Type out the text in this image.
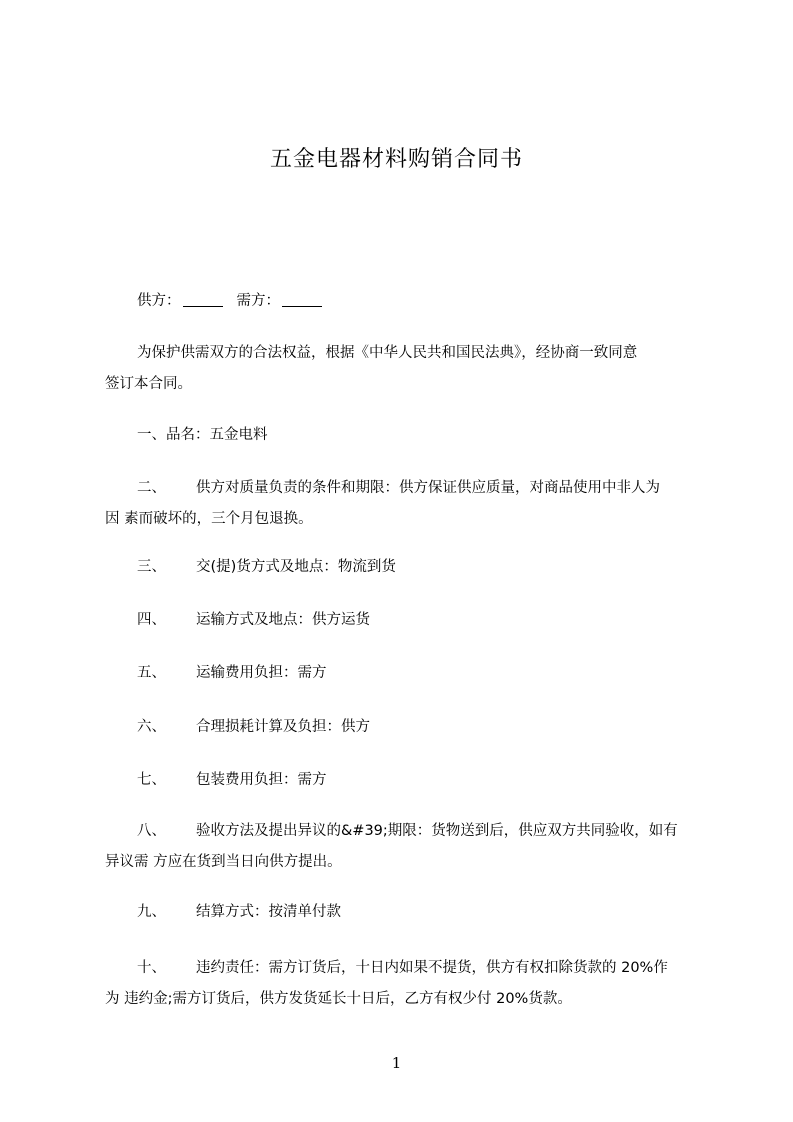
五金电器材料购销合同书
供方：	需方：

为保护供需双方的合法权益，根据《中华人民共和国民法典》，经协商一致同意

签订本合同。

一、品名：五金电料

二、 供方对质量负责的条件和期限：供方保证供应质量，对商品使用中非人为

因 素而破坏的，三个月包退换。

三、 交(提)货方式及地点：物流到货
四、 运输方式及地点：供方运货
五、 运输费用负担：需方
六、 合理损耗计算及负担：供方
七、 包装费用负担：需方

八、 验收方法及提出异议的&#39;期限：货物送到后，供应双方共同验收，如有

异议需 方应在货到当日向供方提出。

九、 结算方式：按清单付款

十、 违约责任：需方订货后，十日内如果不提货，供方有权扣除货款的 20%作

为 违约金;需方订货后，供方发货延长十日后，乙方有权少付 20%货款。

1
